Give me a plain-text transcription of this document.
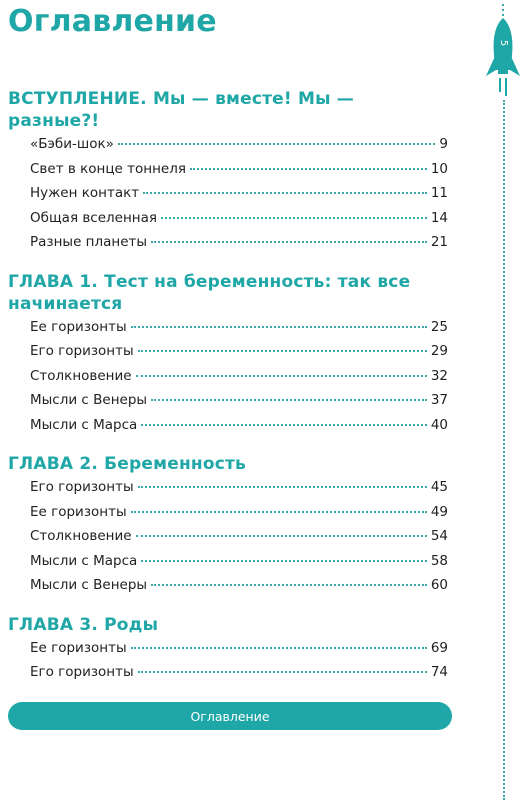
Оглавление
ВСТУПЛЕНИЕ. Мы — вместе! Мы — разные?!
«Бэби-шок»	9
Свет в конце тоннеля	10
Нужен контакт	11
Общая вселенная	14
Разные планеты	21
ГЛАВА 1. Тест на беременность: так все начинается
Ее горизонты	25
Его горизонты	29
Столкновение	32
Мысли с Венеры	37
Мысли с Марса	40
ГЛАВА 2. Беременность
Его горизонты	45
Ее горизонты	49
Столкновение	54
Мысли с Марса	58
Мысли с Венеры	60
ГЛАВА 3. Роды
Ее горизонты	69
Его горизонты	74
5
Оглавление
